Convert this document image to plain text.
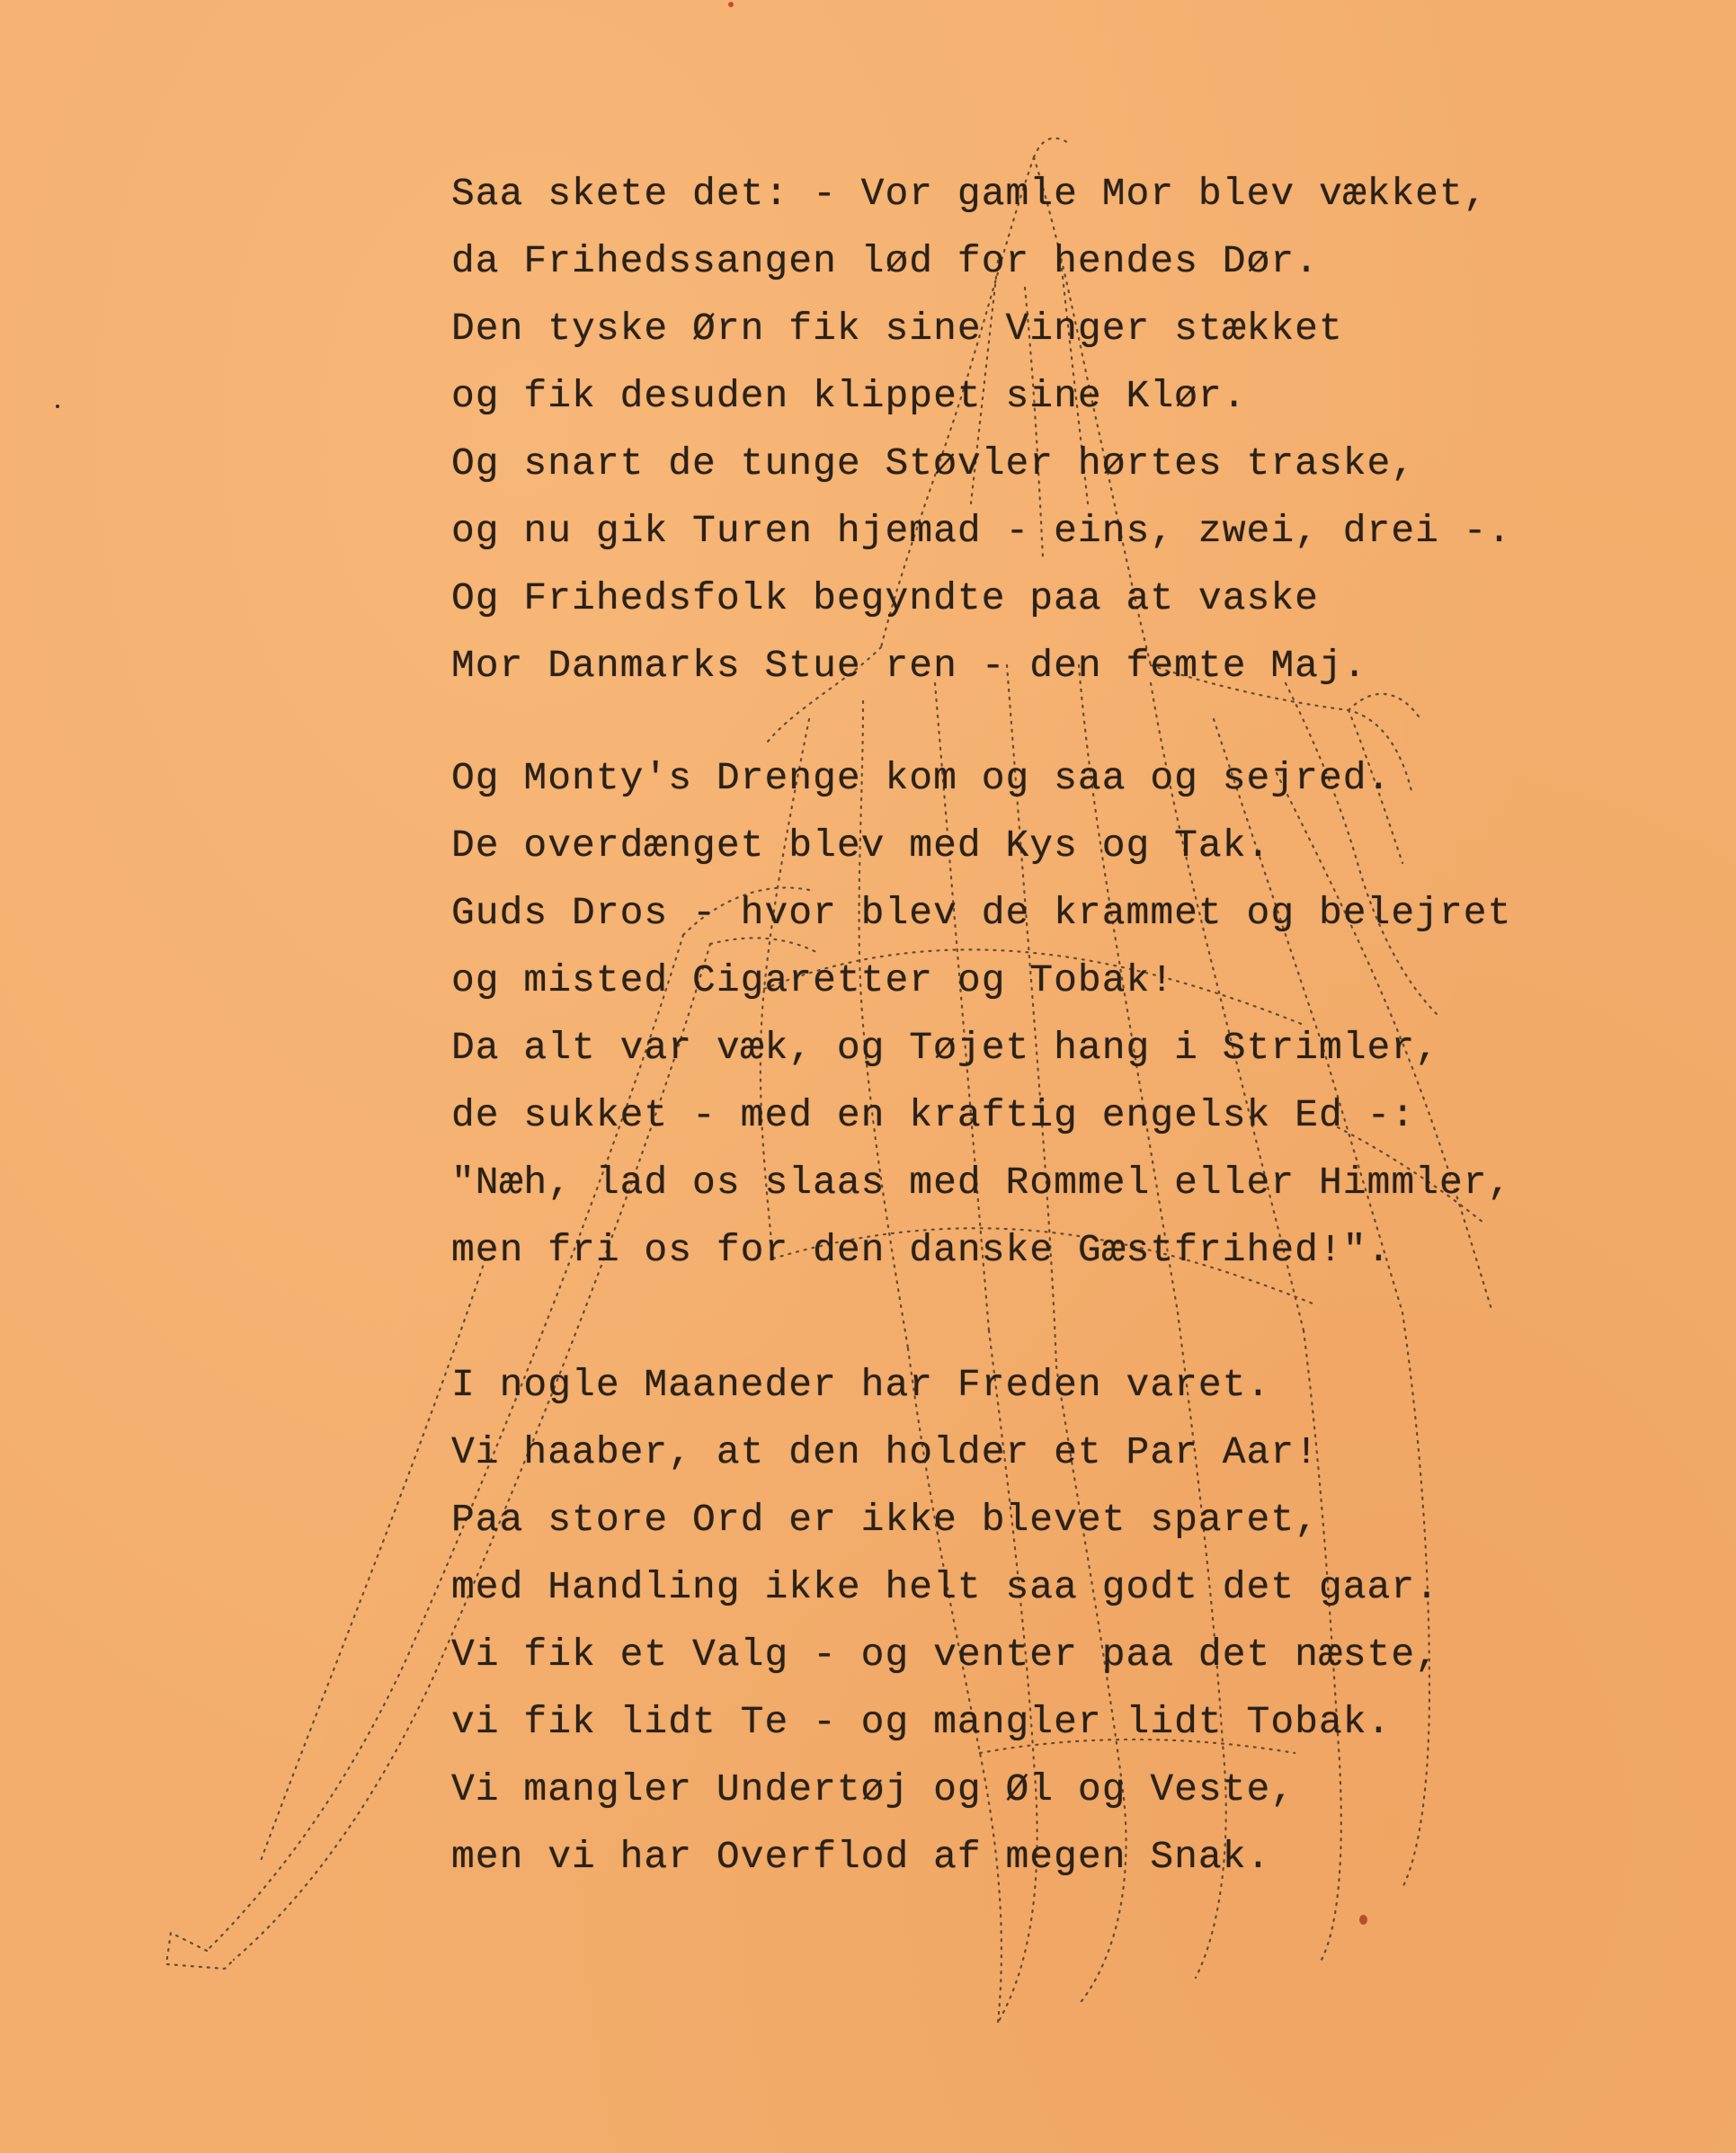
Saa skete det: - Vor gamle Mor blev vækket,
da Frihedssangen lød for hendes Dør.
Den tyske Ørn fik sine Vinger stækket
og fik desuden klippet sine Klør.
Og snart de tunge Støvler hørtes traske,
og nu gik Turen hjemad - eins, zwei, drei -.
Og Frihedsfolk begyndte paa at vaske
Mor Danmarks Stue ren - den femte Maj.
Og Monty's Drenge kom og saa og sejred.
De overdænget blev med Kys og Tak.
Guds Dros - hvor blev de krammet og belejret
og misted Cigaretter og Tobak!
Da alt var væk, og Tøjet hang i Strimler,
de sukket - med en kraftig engelsk Ed -:
"Næh, lad os slaas med Rommel eller Himmler,
men fri os for den danske Gæstfrihed!".
I nogle Maaneder har Freden varet.
Vi haaber, at den holder et Par Aar!
Paa store Ord er ikke blevet sparet,
med Handling ikke helt saa godt det gaar.
Vi fik et Valg - og venter paa det næste,
vi fik lidt Te - og mangler lidt Tobak.
Vi mangler Undertøj og Øl og Veste,
men vi har Overflod af megen Snak.
